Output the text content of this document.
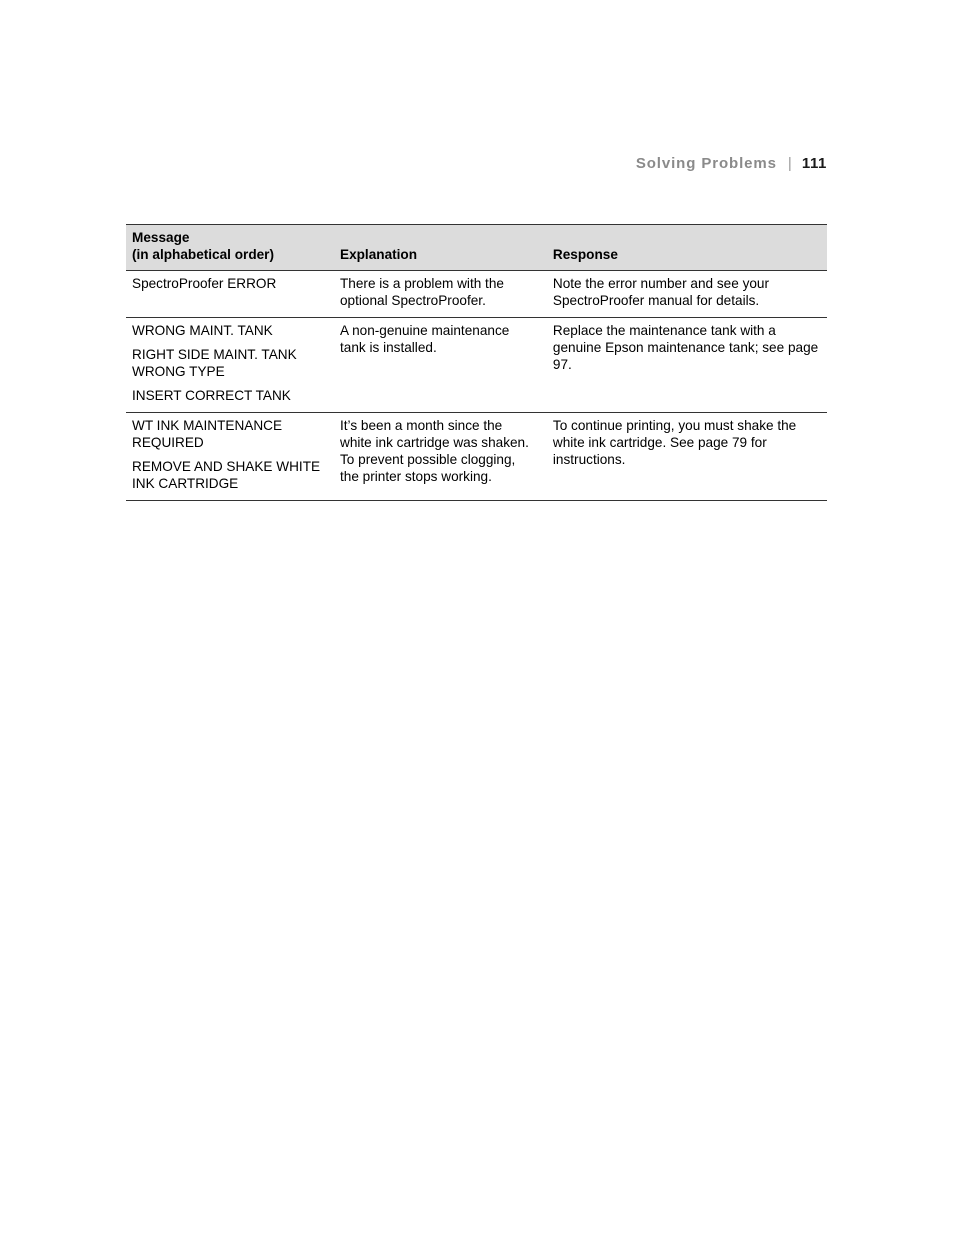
Solving Problems | 111
Message
(in alphabetical order)	Explanation	Response

SpectroProofer ERROR	There is a problem with the optional SpectroProofer.	Note the error number and see your SpectroProofer manual for details.

WRONG MAINT. TANK
RIGHT SIDE MAINT. TANK WRONG TYPE
INSERT CORRECT TANK	A non-genuine maintenance tank is installed.	Replace the maintenance tank with a genuine Epson maintenance tank; see page 97.

WT INK MAINTENANCE REQUIRED
REMOVE AND SHAKE WHITE INK CARTRIDGE	It’s been a month since the white ink cartridge was shaken. To prevent possible clogging, the printer stops working.	To continue printing, you must shake the white ink cartridge. See page 79 for instructions.
